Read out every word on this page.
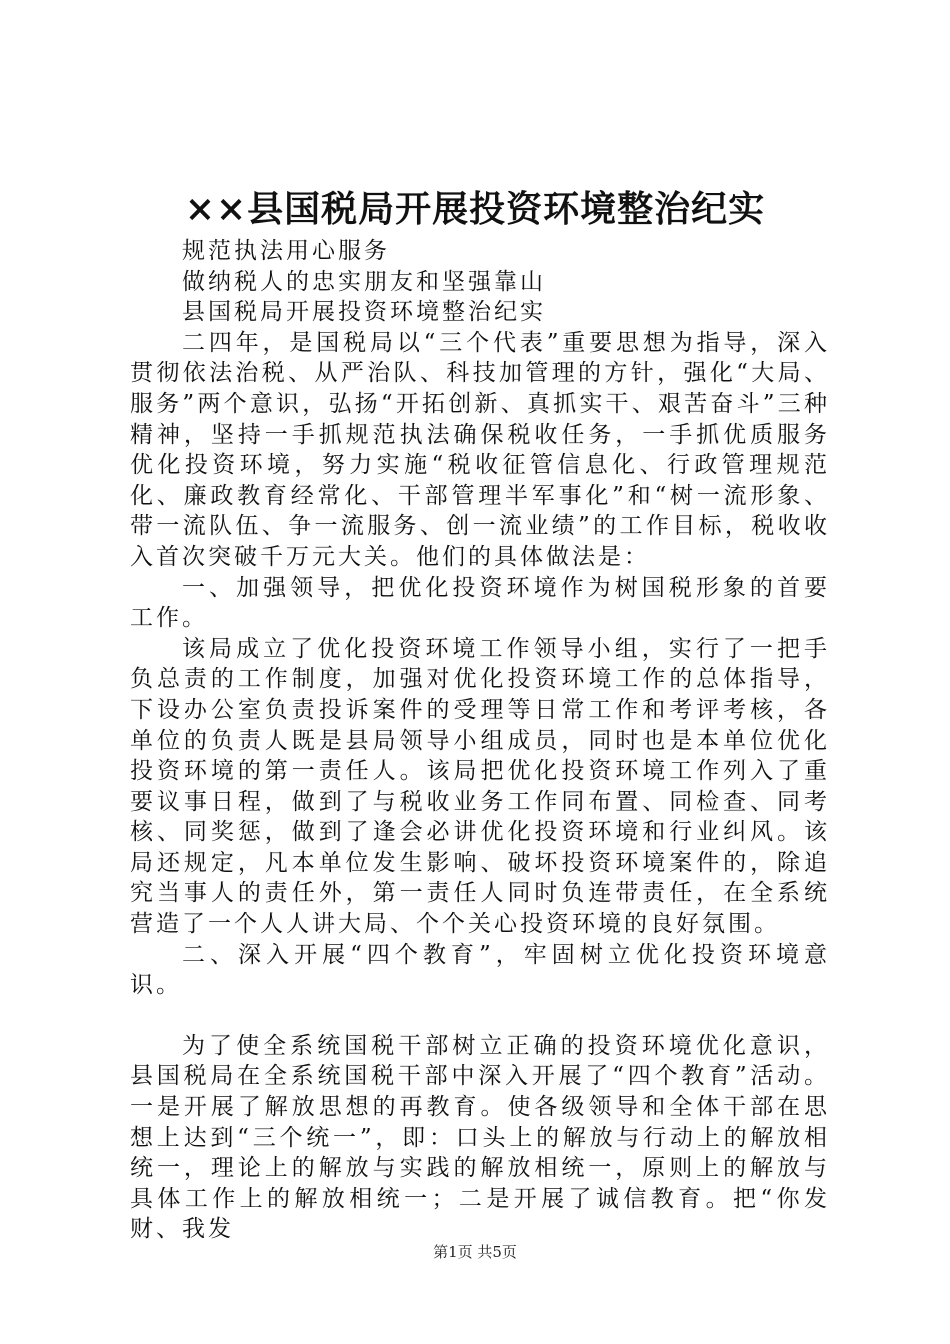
××县国税局开展投资环境整治纪实

规范执法用心服务

做纳税人的忠实朋友和坚强靠山

县国税局开展投资环境整治纪实

二四年，是国税局以“三个代表”重要思想为指导，深入贯彻依法治税、从严治队、科技加管理的方针，强化“大局、服务”两个意识，弘扬“开拓创新、真抓实干、艰苦奋斗”三种精神，坚持一手抓规范执法确保税收任务，一手抓优质服务优化投资环境，努力实施“税收征管信息化、行政管理规范化、廉政教育经常化、干部管理半军事化”和“树一流形象、带一流队伍、争一流服务、创一流业绩”的工作目标，税收收入首次突破千万元大关。他们的具体做法是：

一、加强领导，把优化投资环境作为树国税形象的首要工作。

该局成立了优化投资环境工作领导小组，实行了一把手负总责的工作制度，加强对优化投资环境工作的总体指导，下设办公室负责投诉案件的受理等日常工作和考评考核，各单位的负责人既是县局领导小组成员，同时也是本单位优化投资环境的第一责任人。该局把优化投资环境工作列入了重要议事日程，做到了与税收业务工作同布置、同检查、同考核、同奖惩，做到了逢会必讲优化投资环境和行业纠风。该局还规定，凡本单位发生影响、破坏投资环境案件的，除追究当事人的责任外，第一责任人同时负连带责任，在全系统营造了一个人人讲大局、个个关心投资环境的良好氛围。

二、深入开展“四个教育”，牢固树立优化投资环境意识。

为了使全系统国税干部树立正确的投资环境优化意识，县国税局在全系统国税干部中深入开展了“四个教育”活动。一是开展了解放思想的再教育。使各级领导和全体干部在思想上达到“三个统一”，即：口头上的解放与行动上的解放相统一，理论上的解放与实践的解放相统一，原则上的解放与具体工作上的解放相统一；二是开展了诚信教育。把“你发财、我发

第1页 共5页
